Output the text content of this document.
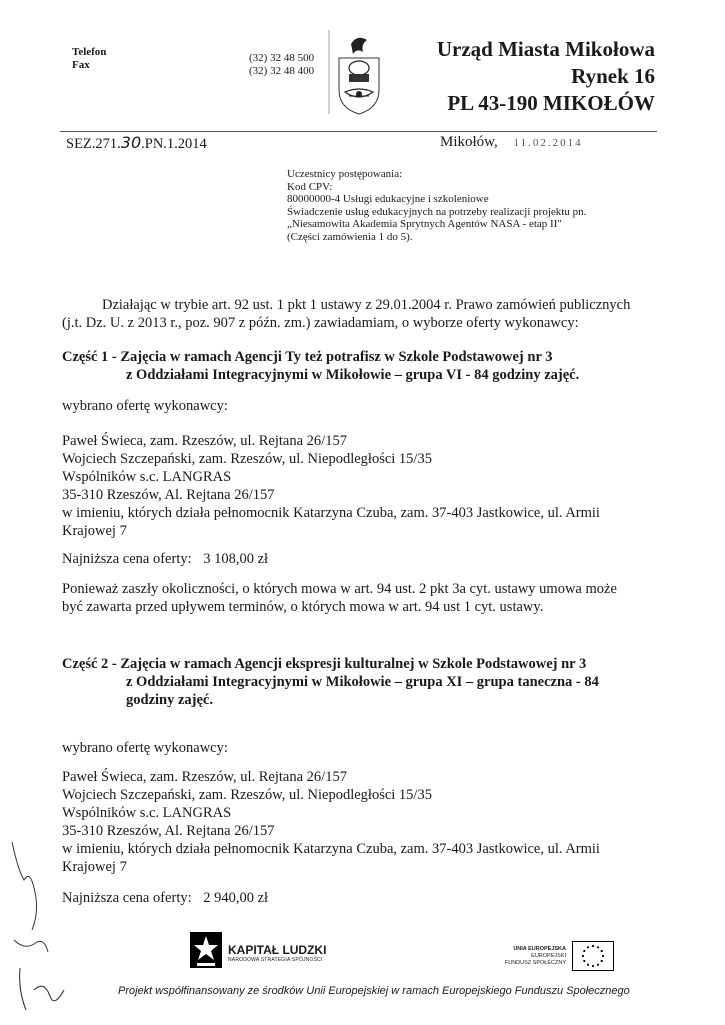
Telefon
Fax
(32) 32 48 500
(32) 32 48 400
Urząd Miasta Mikołowa
Rynek 16
PL 43-190 MIKOŁÓW
SEZ.271.30.PN.1.2014	Mikołów, 11.02.2014
Uczestnicy postępowania:
Kod CPV:
80000000-4 Usługi edukacyjne i szkoleniowe
Świadczenie usług edukacyjnych na potrzeby realizacji projektu pn.
„Niesamowita Akademia Sprytnych Agentów NASA - etap II"
(Części zamówienia 1 do 5).
Działając w trybie art. 92 ust. 1 pkt 1 ustawy z 29.01.2004 r. Prawo zamówień publicznych
(j.t. Dz. U. z 2013 r., poz. 907 z późn. zm.) zawiadamiam, o wyborze oferty wykonawcy:
Część 1 - Zajęcia w ramach Agencji Ty też potrafisz w Szkole Podstawowej nr 3
z Oddziałami Integracyjnymi w Mikołowie – grupa VI - 84 godziny zajęć.
wybrano ofertę wykonawcy:
Paweł Świeca, zam. Rzeszów, ul. Rejtana 26/157
Wojciech Szczepański, zam. Rzeszów, ul. Niepodległości 15/35
Wspólników s.c. LANGRAS
35-310 Rzeszów, Al. Rejtana 26/157
w imieniu, których działa pełnomocnik Katarzyna Czuba, zam. 37-403 Jastkowice, ul. Armii
Krajowej 7
Najniższa cena oferty: 3 108,00 zł
Ponieważ zaszły okoliczności, o których mowa w art. 94 ust. 2 pkt 3a cyt. ustawy umowa może
być zawarta przed upływem terminów, o których mowa w art. 94 ust 1 cyt. ustawy.
Część 2 - Zajęcia w ramach Agencji ekspresji kulturalnej w Szkole Podstawowej nr 3
z Oddziałami Integracyjnymi w Mikołowie – grupa XI – grupa taneczna - 84
godziny zajęć.
wybrano ofertę wykonawcy:
Paweł Świeca, zam. Rzeszów, ul. Rejtana 26/157
Wojciech Szczepański, zam. Rzeszów, ul. Niepodległości 15/35
Wspólników s.c. LANGRAS
35-310 Rzeszów, Al. Rejtana 26/157
w imieniu, których działa pełnomocnik Katarzyna Czuba, zam. 37-403 Jastkowice, ul. Armii
Krajowej 7
Najniższa cena oferty: 2 940,00 zł
KAPITAŁ LUDZKI
NARODOWA STRATEGIA SPÓJNOŚCI
UNIA EUROPEJSKA
EUROPEJSKI
FUNDUSZ SPOŁECZNY
Projekt współfinansowany ze środków Unii Europejskiej w ramach Europejskiego Funduszu Społecznego
